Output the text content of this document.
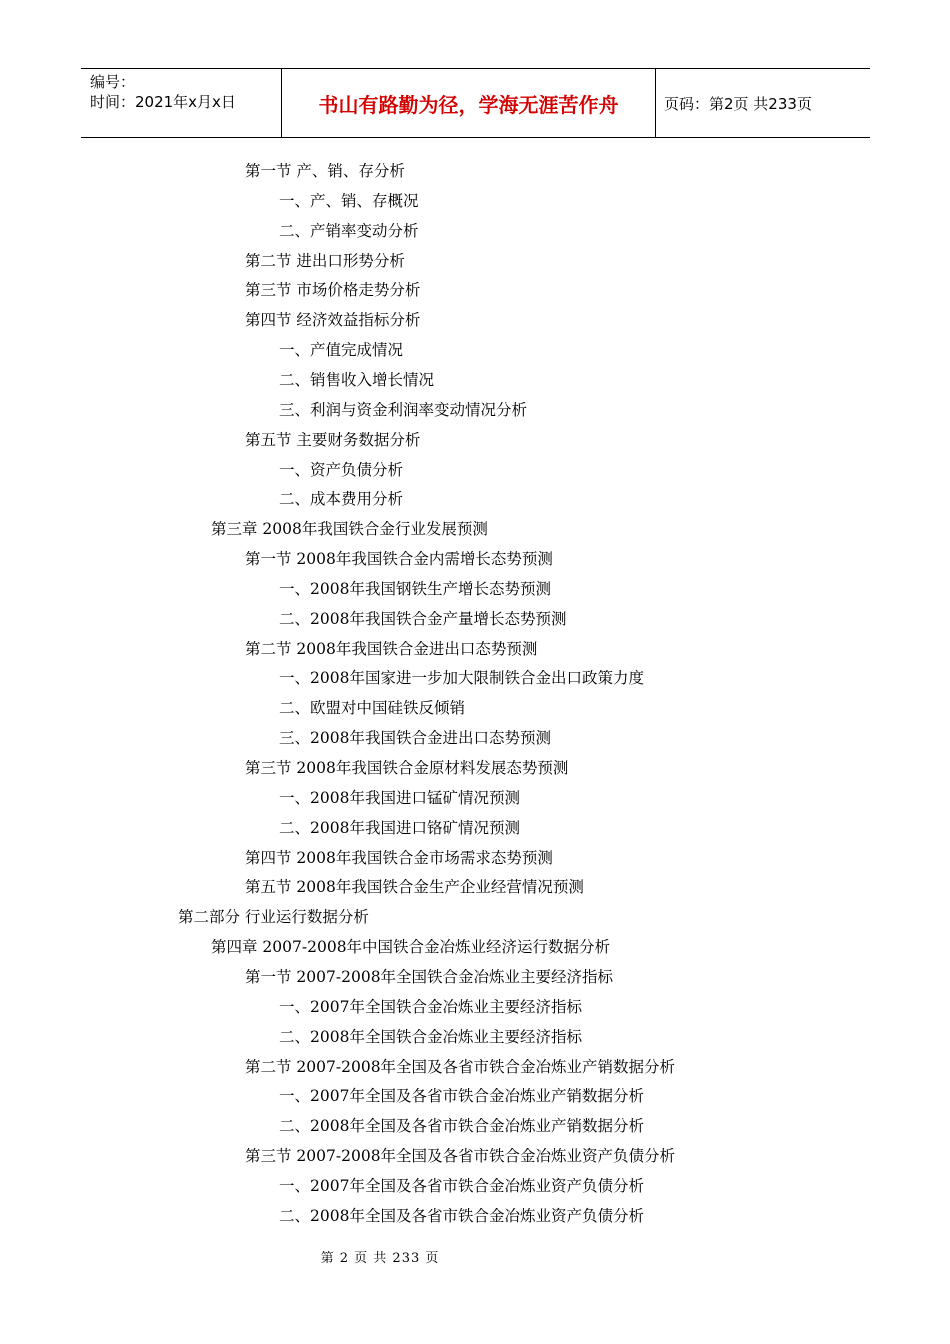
编号：
时间：2021年x月x日	书山有路勤为径，学海无涯苦作舟	页码：第2页 共233页
第一节 产、销、存分析
一、产、销、存概况
二、产销率变动分析
第二节 进出口形势分析
第三节 市场价格走势分析
第四节 经济效益指标分析
一、产值完成情况
二、销售收入增长情况
三、利润与资金利润率变动情况分析
第五节 主要财务数据分析
一、资产负债分析
二、成本费用分析
第三章 2008年我国铁合金行业发展预测
第一节 2008年我国铁合金内需增长态势预测
一、2008年我国钢铁生产增长态势预测
二、2008年我国铁合金产量增长态势预测
第二节 2008年我国铁合金进出口态势预测
一、2008年国家进一步加大限制铁合金出口政策力度
二、欧盟对中国硅铁反倾销
三、2008年我国铁合金进出口态势预测
第三节 2008年我国铁合金原材料发展态势预测
一、2008年我国进口锰矿情况预测
二、2008年我国进口铬矿情况预测
第四节 2008年我国铁合金市场需求态势预测
第五节 2008年我国铁合金生产企业经营情况预测
第二部分 行业运行数据分析
第四章 2007-2008年中国铁合金冶炼业经济运行数据分析
第一节 2007-2008年全国铁合金冶炼业主要经济指标
一、2007年全国铁合金冶炼业主要经济指标
二、2008年全国铁合金冶炼业主要经济指标
第二节 2007-2008年全国及各省市铁合金冶炼业产销数据分析
一、2007年全国及各省市铁合金冶炼业产销数据分析
二、2008年全国及各省市铁合金冶炼业产销数据分析
第三节 2007-2008年全国及各省市铁合金冶炼业资产负债分析
一、2007年全国及各省市铁合金冶炼业资产负债分析
二、2008年全国及各省市铁合金冶炼业资产负债分析
第 2 页 共 233 页
